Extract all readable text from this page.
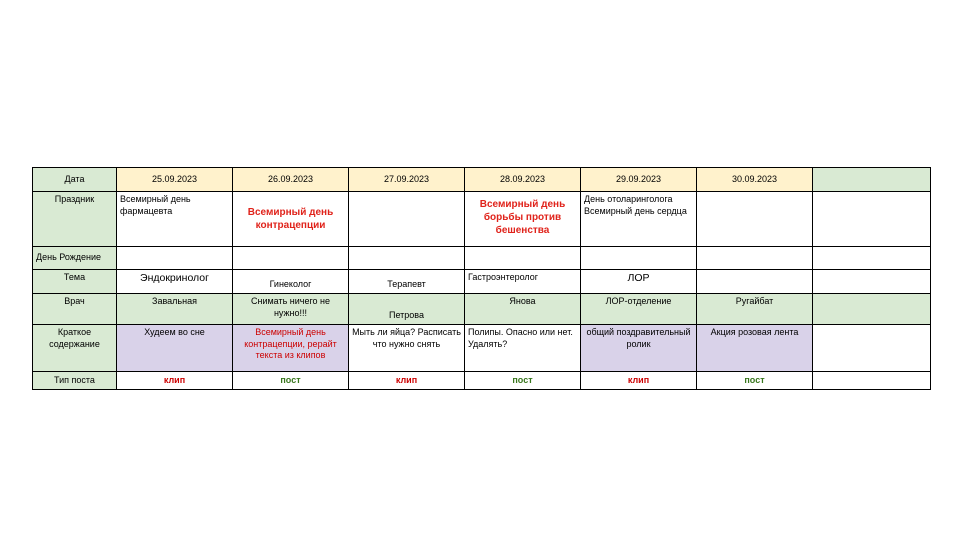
Дата	25.09.2023	26.09.2023	27.09.2023	28.09.2023	29.09.2023	30.09.2023	
Праздник	Всемирный день фармацевта	Всемирный день контрацепции		Всемирный день борьбы против бешенства	День отоларинголога Всемирный день сердца		
День Рождение							
Тема	Эндокринолог	Гинеколог	Терапевт	Гастроэнтеролог	ЛОР		
Врач	Завальная	Снимать ничего не нужно!!!	Петрова	Янова	ЛОР-отделение	Ругайбат	
Краткое содержание	Худеем во сне	Всемирный день контрацепции, рерайт текста из клипов	Мыть ли яйца? Расписать что нужно снять	Полипы. Опасно или нет. Удалять?	общий поздравительный ролик	Акция розовая лента	
Тип поста	клип	пост	клип	пост	клип	пост	
